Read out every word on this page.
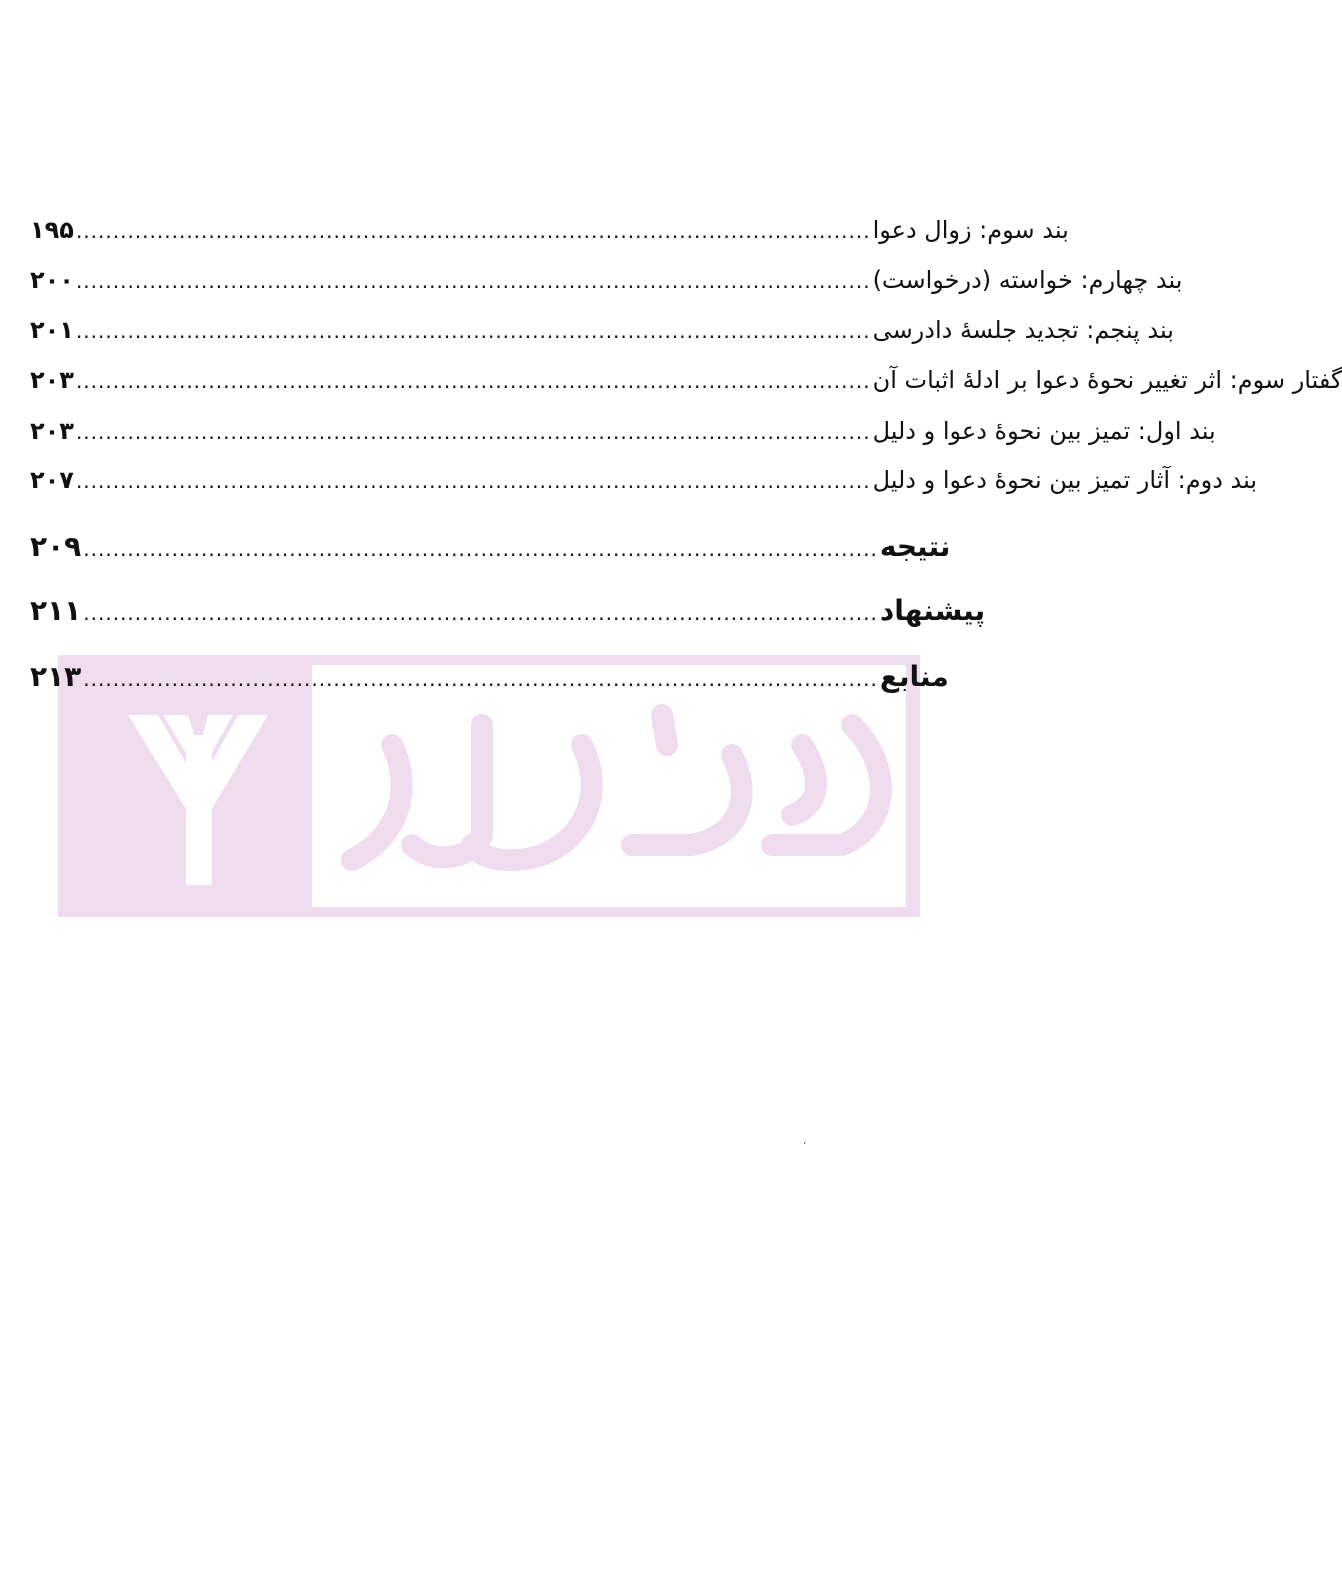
۱۹۵ ............................................................................................................ بند سوم: زوال دعوا
۲۰۰ ............................................................................................................ بند چهارم: خواسته (درخواست)
۲۰۱ ............................................................................................................ بند پنجم: تجدید جلسهٔ دادرسی
۲۰۳ ............................................................................................................ گفتار سوم: اثر تغییر نحوهٔ دعوا بر ادلهٔ اثبات آن
۲۰۳ ............................................................................................................ بند اول: تمیز بین نحوهٔ دعوا و دلیل
۲۰۷ ............................................................................................................ بند دوم: آثار تمیز بین نحوهٔ دعوا و دلیل
۲۰۹ ............................................................................................................ نتیجه
۲۱۱ ............................................................................................................ پیشنهاد
۲۱۳ ............................................................................................................ منابع
،
